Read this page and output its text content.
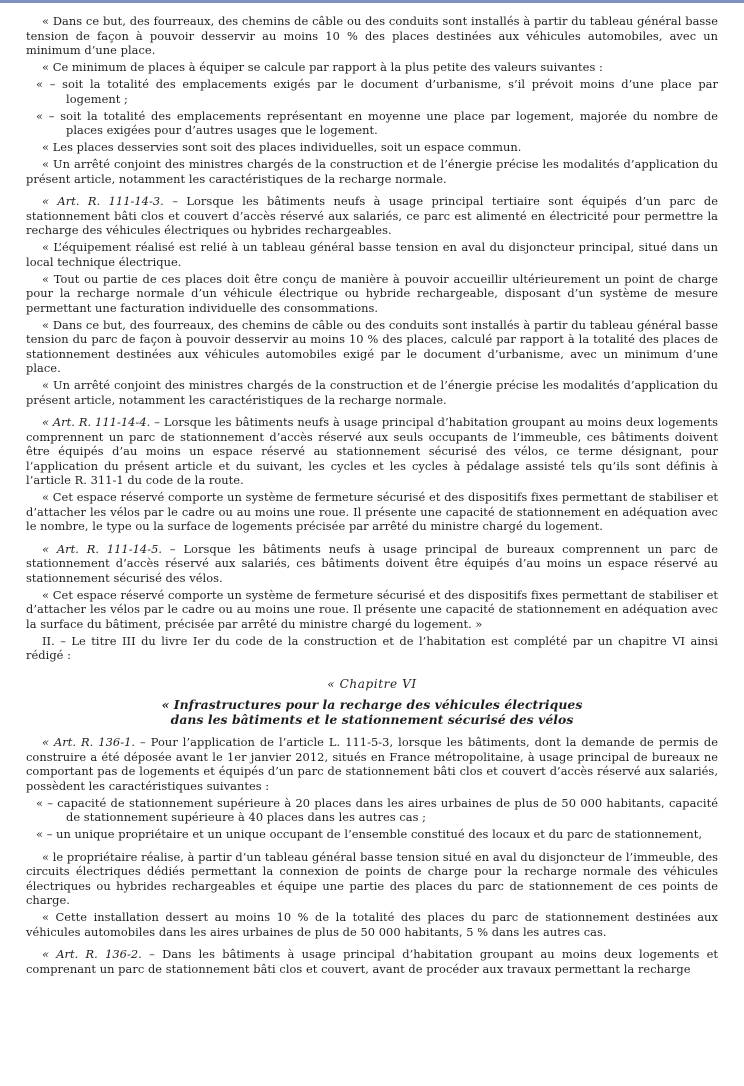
« Dans ce but, des fourreaux, des chemins de câble ou des conduits sont installés à partir du tableau général basse tension de façon à pouvoir desservir au moins 10 % des places destinées aux véhicules automobiles, avec un minimum d’une place.

« Ce minimum de places à équiper se calcule par rapport à la plus petite des valeurs suivantes :

« – soit la totalité des emplacements exigés par le document d’urbanisme, s’il prévoit moins d’une place par logement ;

« – soit la totalité des emplacements représentant en moyenne une place par logement, majorée du nombre de places exigées pour d’autres usages que le logement.

« Les places desservies sont soit des places individuelles, soit un espace commun.

« Un arrêté conjoint des ministres chargés de la construction et de l’énergie précise les modalités d’application du présent article, notamment les caractéristiques de la recharge normale.

« Art. R. 111-14-3. – Lorsque les bâtiments neufs à usage principal tertiaire sont équipés d’un parc de stationnement bâti clos et couvert d’accès réservé aux salariés, ce parc est alimenté en électricité pour permettre la recharge des véhicules électriques ou hybrides rechargeables.

« L’équipement réalisé est relié à un tableau général basse tension en aval du disjoncteur principal, situé dans un local technique électrique.

« Tout ou partie de ces places doit être conçu de manière à pouvoir accueillir ultérieurement un point de charge pour la recharge normale d’un véhicule électrique ou hybride rechargeable, disposant d’un système de mesure permettant une facturation individuelle des consommations.

« Dans ce but, des fourreaux, des chemins de câble ou des conduits sont installés à partir du tableau général basse tension du parc de façon à pouvoir desservir au moins 10 % des places, calculé par rapport à la totalité des places de stationnement destinées aux véhicules automobiles exigé par le document d’urbanisme, avec un minimum d’une place.

« Un arrêté conjoint des ministres chargés de la construction et de l’énergie précise les modalités d’application du présent article, notamment les caractéristiques de la recharge normale.

« Art. R. 111-14-4. – Lorsque les bâtiments neufs à usage principal d’habitation groupant au moins deux logements comprennent un parc de stationnement d’accès réservé aux seuls occupants de l’immeuble, ces bâtiments doivent être équipés d’au moins un espace réservé au stationnement sécurisé des vélos, ce terme désignant, pour l’application du présent article et du suivant, les cycles et les cycles à pédalage assisté tels qu’ils sont définis à l’article R. 311-1 du code de la route.

« Cet espace réservé comporte un système de fermeture sécurisé et des dispositifs fixes permettant de stabiliser et d’attacher les vélos par le cadre ou au moins une roue. Il présente une capacité de stationnement en adéquation avec le nombre, le type ou la surface de logements précisée par arrêté du ministre chargé du logement.

« Art. R. 111-14-5. – Lorsque les bâtiments neufs à usage principal de bureaux comprennent un parc de stationnement d’accès réservé aux salariés, ces bâtiments doivent être équipés d’au moins un espace réservé au stationnement sécurisé des vélos.

« Cet espace réservé comporte un système de fermeture sécurisé et des dispositifs fixes permettant de stabiliser et d’attacher les vélos par le cadre ou au moins une roue. Il présente une capacité de stationnement en adéquation avec la surface du bâtiment, précisée par arrêté du ministre chargé du logement. »

II. – Le titre III du livre Ier du code de la construction et de l’habitation est complété par un chapitre VI ainsi rédigé :

« Chapitre VI

« Infrastructures pour la recharge des véhicules électriques

dans les bâtiments et le stationnement sécurisé des vélos

« Art. R. 136-1. – Pour l’application de l’article L. 111-5-3, lorsque les bâtiments, dont la demande de permis de construire a été déposée avant le 1er janvier 2012, situés en France métropolitaine, à usage principal de bureaux ne comportant pas de logements et équipés d’un parc de stationnement bâti clos et couvert d’accès réservé aux salariés, possèdent les caractéristiques suivantes :

« – capacité de stationnement supérieure à 20 places dans les aires urbaines de plus de 50 000 habitants, capacité de stationnement supérieure à 40 places dans les autres cas ;

« – un unique propriétaire et un unique occupant de l’ensemble constitué des locaux et du parc de stationnement,

« le propriétaire réalise, à partir d’un tableau général basse tension situé en aval du disjoncteur de l’immeuble, des circuits électriques dédiés permettant la connexion de points de charge pour la recharge normale des véhicules électriques ou hybrides rechargeables et équipe une partie des places du parc de stationnement de ces points de charge.

« Cette installation dessert au moins 10 % de la totalité des places du parc de stationnement destinées aux véhicules automobiles dans les aires urbaines de plus de 50 000 habitants, 5 % dans les autres cas.

« Art. R. 136-2. – Dans les bâtiments à usage principal d’habitation groupant au moins deux logements et comprenant un parc de stationnement bâti clos et couvert, avant de procéder aux travaux permettant la recharge
